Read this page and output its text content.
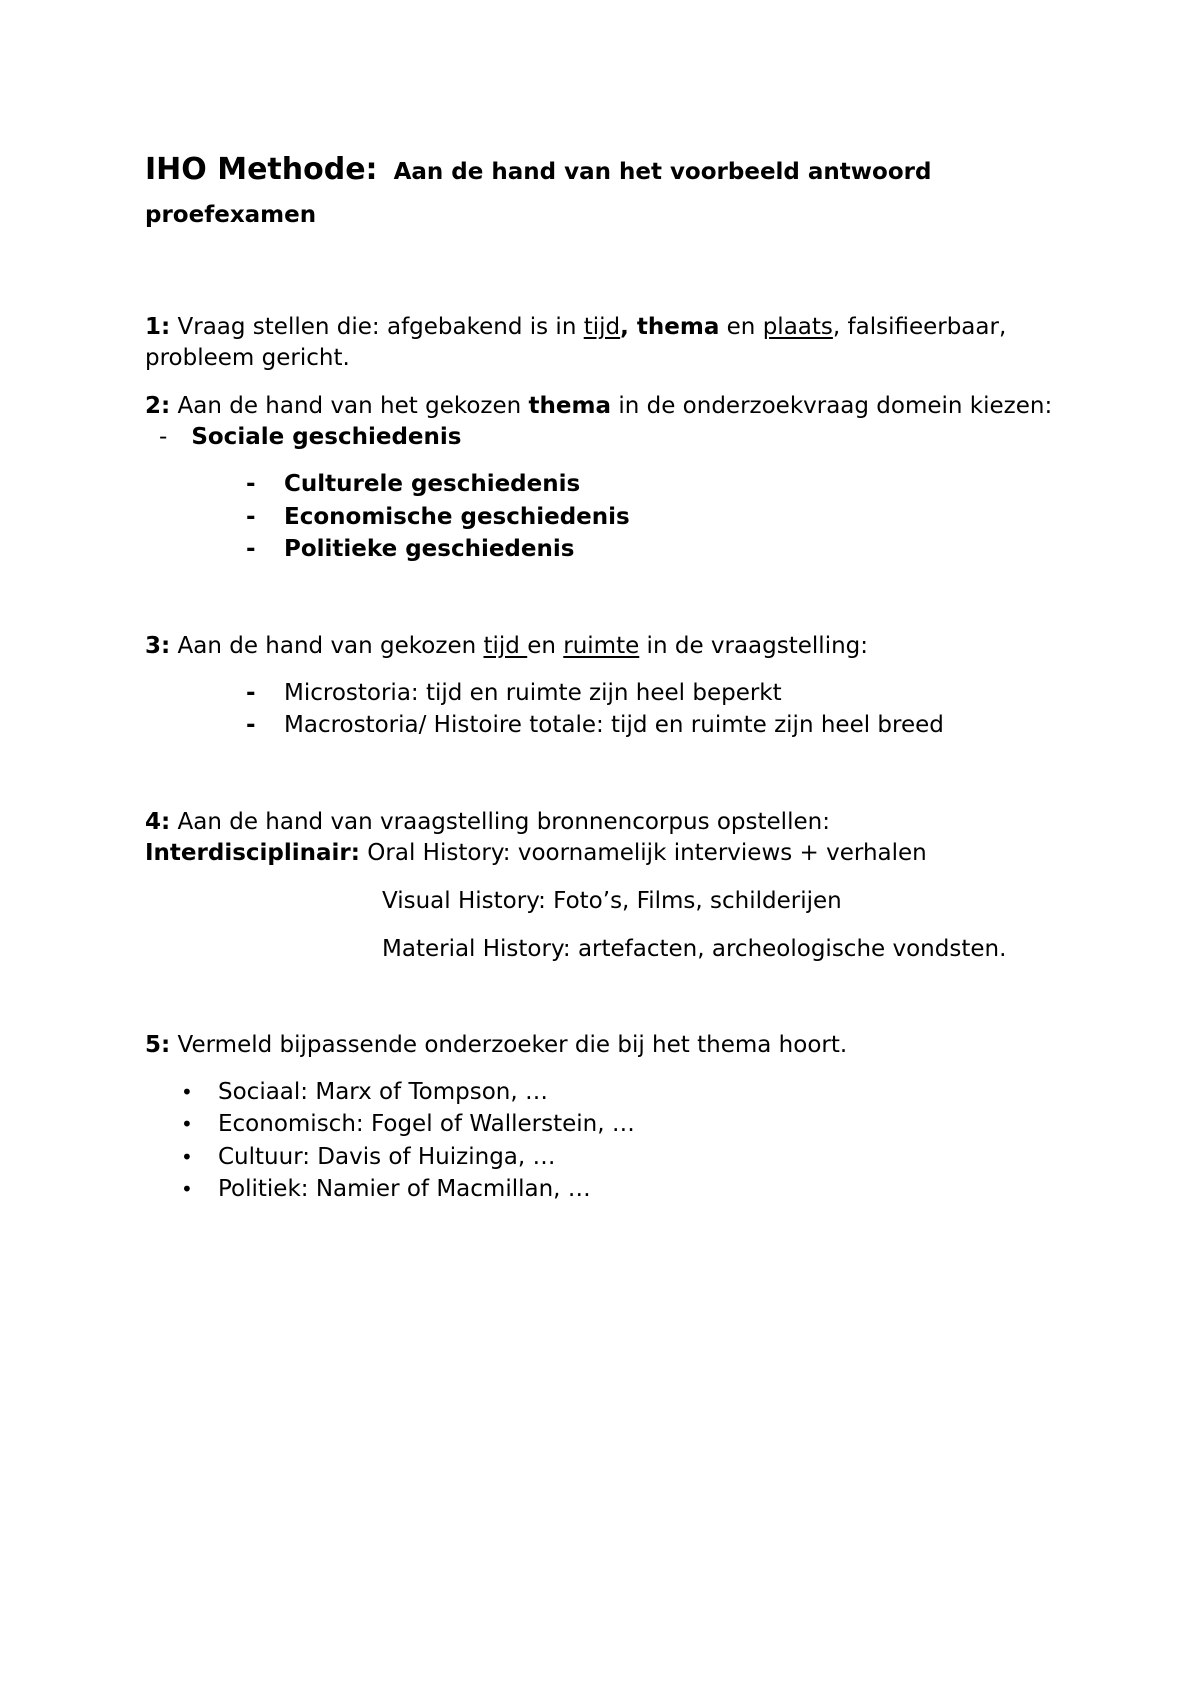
IHO Methode: Aan de hand van het voorbeeld antwoord proefexamen

1: Vraag stellen die: afgebakend is in tijd, thema en plaats, falsifieerbaar, probleem gericht.

2: Aan de hand van het gekozen thema in de onderzoekvraag domein kiezen:- Sociale geschiedenis

- Culturele geschiedenis
- Economische geschiedenis
- Politieke geschiedenis

3: Aan de hand van gekozen tijd en ruimte in de vraagstelling:

- Microstoria: tijd en ruimte zijn heel beperkt
- Macrostoria/ Histoire totale: tijd en ruimte zijn heel breed

4: Aan de hand van vraagstelling bronnencorpus opstellen:

Interdisciplinair: Oral History: voornamelijk interviews + verhalen

Visual History: Foto’s, Films, schilderijen

Material History: artefacten, archeologische vondsten.

5: Vermeld bijpassende onderzoeker die bij het thema hoort.

• Sociaal: Marx of Tompson, …
• Economisch: Fogel of Wallerstein, …
• Cultuur: Davis of Huizinga, …
• Politiek: Namier of Macmillan, …
